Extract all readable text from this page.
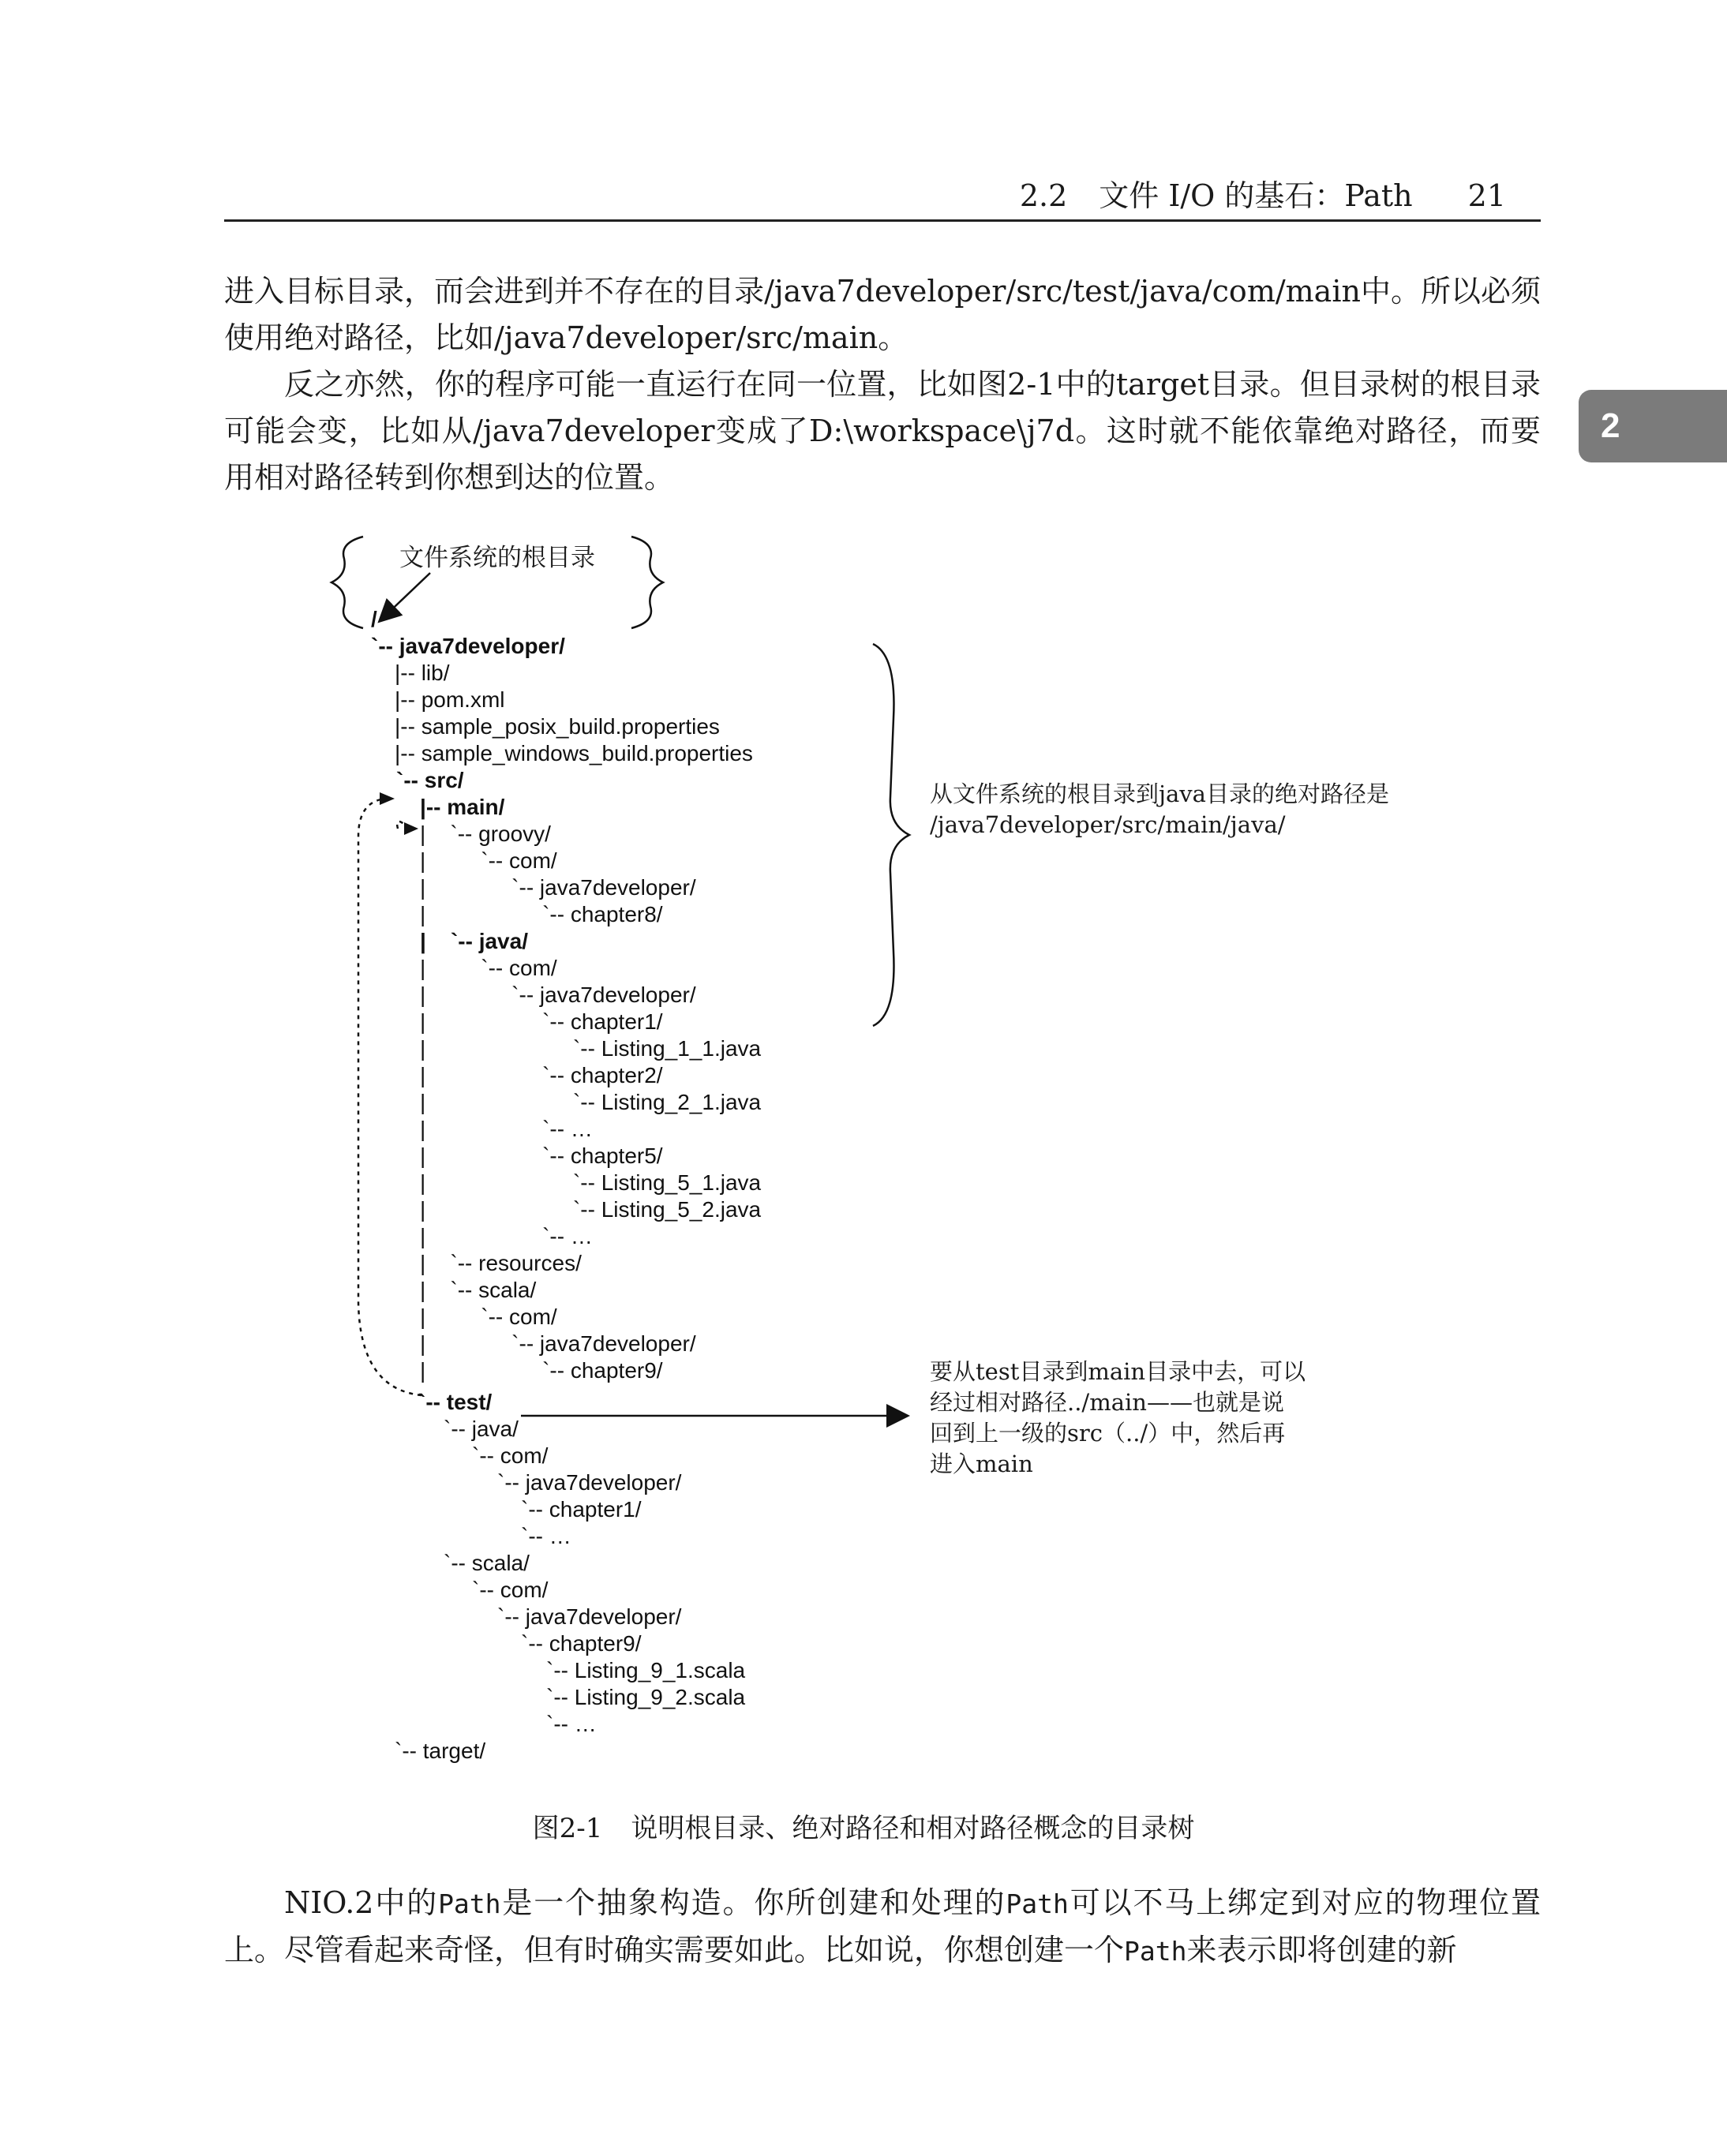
2.2 文件 I/O 的基石：Path 21
2

进入目标目录，而会进到并不存在的目录/java7developer/src/test/java/com/main中。所以必须使用绝对路径，比如/java7developer/src/main。

反之亦然，你的程序可能一直运行在同一位置，比如图2-1中的target目录。但目录树的根目录可能会变，比如从/java7developer变成了D:\workspace\j7d。这时就不能依靠绝对路径，而要用相对路径转到你想到达的位置。

文件系统的根目录
/
`-- java7developer/
|-- lib/
|-- pom.xml
|-- sample_posix_build.properties
|-- sample_windows_build.properties
`-- src/
|-- main/
|    `-- groovy/
|         `-- com/
|              `-- java7developer/
|                   `-- chapter8/
|    `-- java/
|         `-- com/
|              `-- java7developer/
|                   `-- chapter1/
|                        `-- Listing_1_1.java
|                   `-- chapter2/
|                        `-- Listing_2_1.java
|                   `-- …
|                   `-- chapter5/
|                        `-- Listing_5_1.java
|                        `-- Listing_5_2.java
|                   `-- …
|    `-- resources/
|    `-- scala/
|         `-- com/
|              `-- java7developer/
|                   `-- chapter9/
`-- test/
`-- java/
`-- com/
`-- java7developer/
`-- chapter1/
`-- …
`-- scala/
`-- com/
`-- java7developer/
`-- chapter9/
`-- Listing_9_1.scala
`-- Listing_9_2.scala
`-- …
`-- target/
从文件系统的根目录到java目录的绝对路径是
/java7developer/src/main/java/
要从test目录到main目录中去，可以
经过相对路径../main——也就是说
回到上一级的src（../）中，然后再
进入main
图2-1 说明根目录、绝对路径和相对路径概念的目录树

NIO.2中的Path是一个抽象构造。你所创建和处理的Path可以不马上绑定到对应的物理位置上。尽管看起来奇怪，但有时确实需要如此。比如说，你想创建一个Path来表示即将创建的新
